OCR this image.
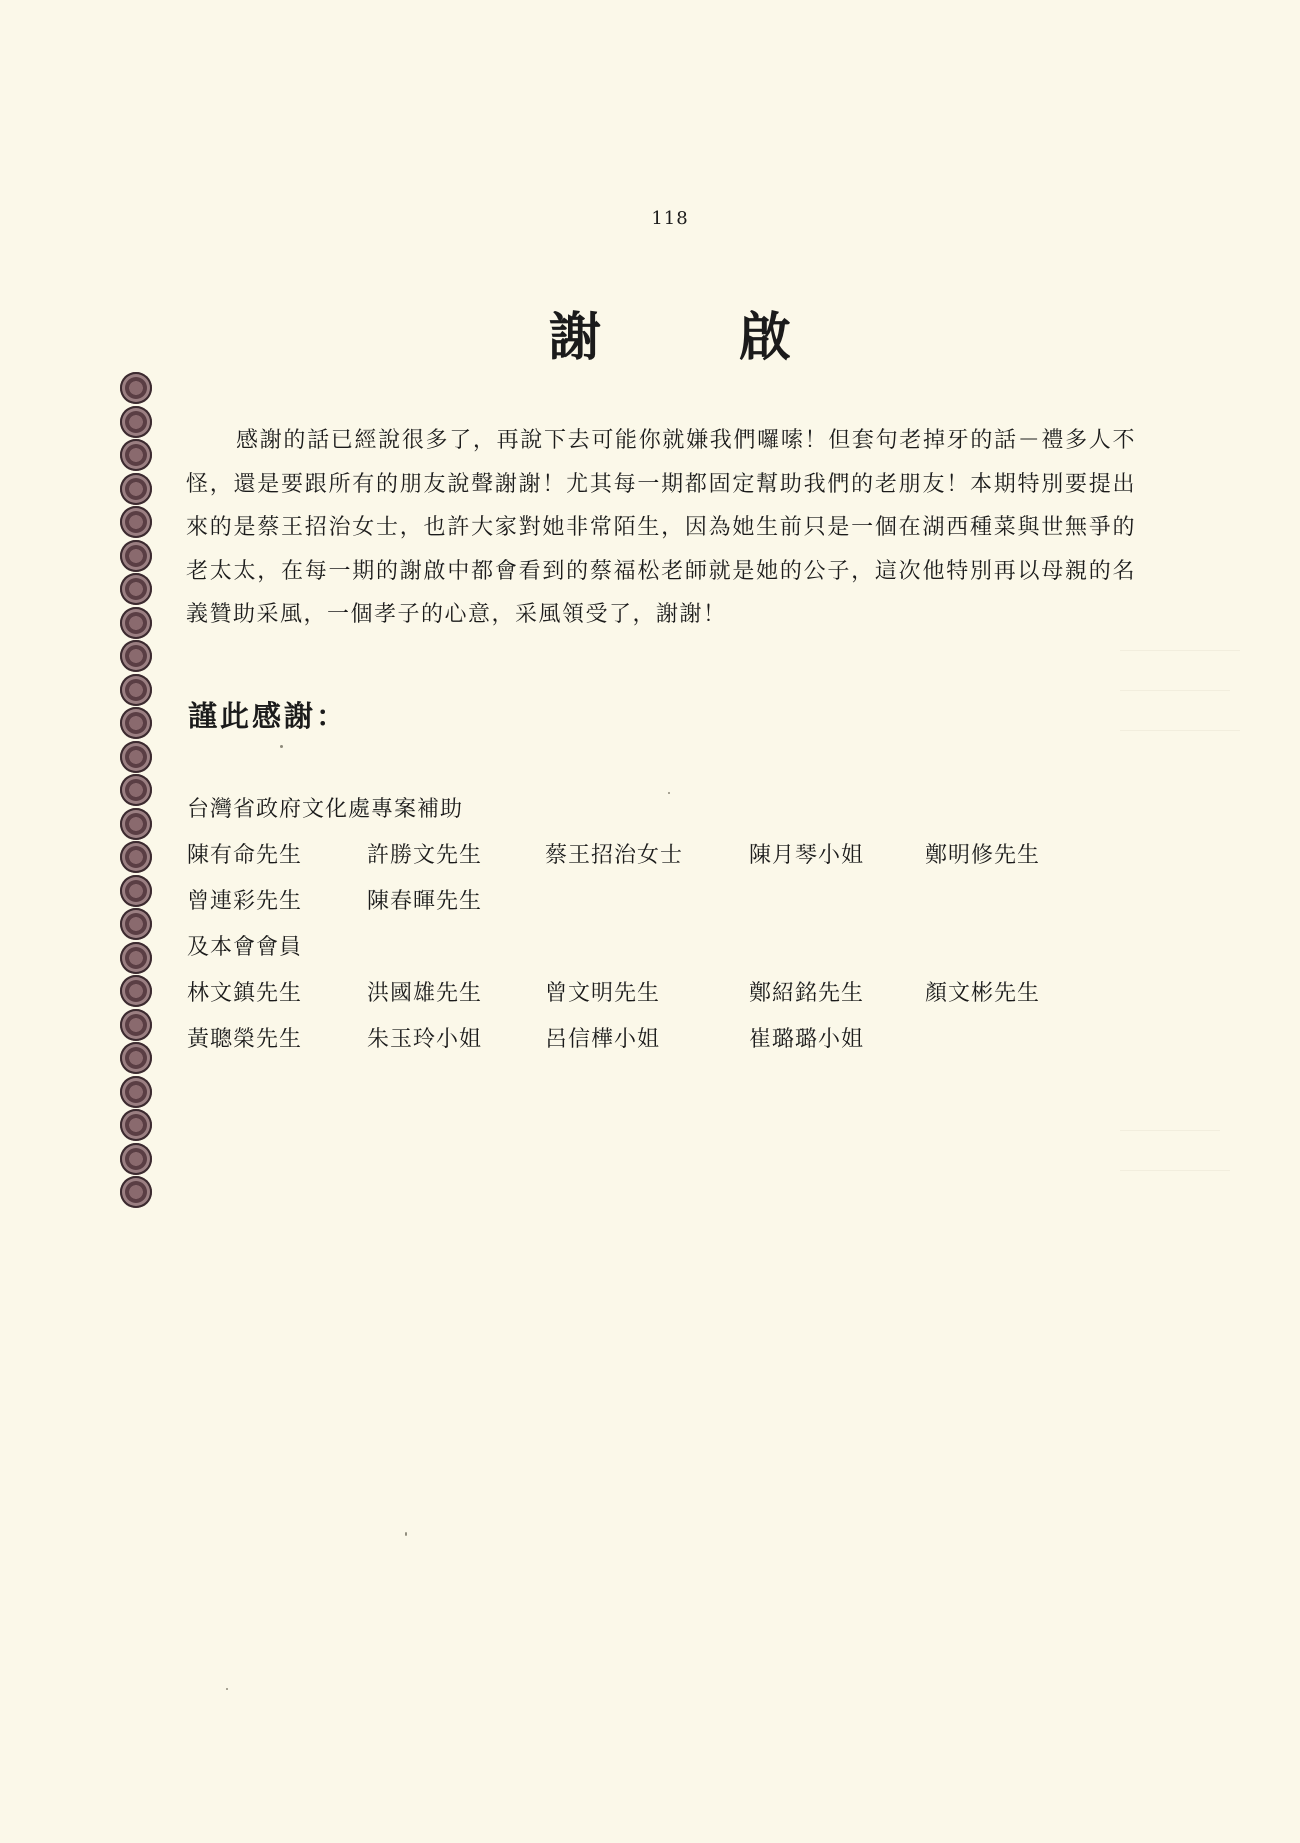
118
謝 啟

感謝的話已經說很多了，再說下去可能你就嫌我們囉嗦！但套句老掉牙的話－禮多人不怪，還是要跟所有的朋友說聲謝謝！尤其每一期都固定幫助我們的老朋友！本期特別要提出來的是蔡王招治女士，也許大家對她非常陌生，因為她生前只是一個在湖西種菜與世無爭的老太太，在每一期的謝啟中都會看到的蔡福松老師就是她的公子，這次他特別再以母親的名義贊助采風，一個孝子的心意，采風領受了，謝謝！

謹此感謝：
台灣省政府文化處專案補助
陳有命先生	許勝文先生	蔡王招治女士	陳月琴小姐	鄭明修先生
曾連彩先生	陳春暉先生
及本會會員
林文鎮先生	洪國雄先生	曾文明先生	鄭紹銘先生	顏文彬先生
黃聰榮先生	朱玉玲小姐	呂信樺小姐	崔璐璐小姐
